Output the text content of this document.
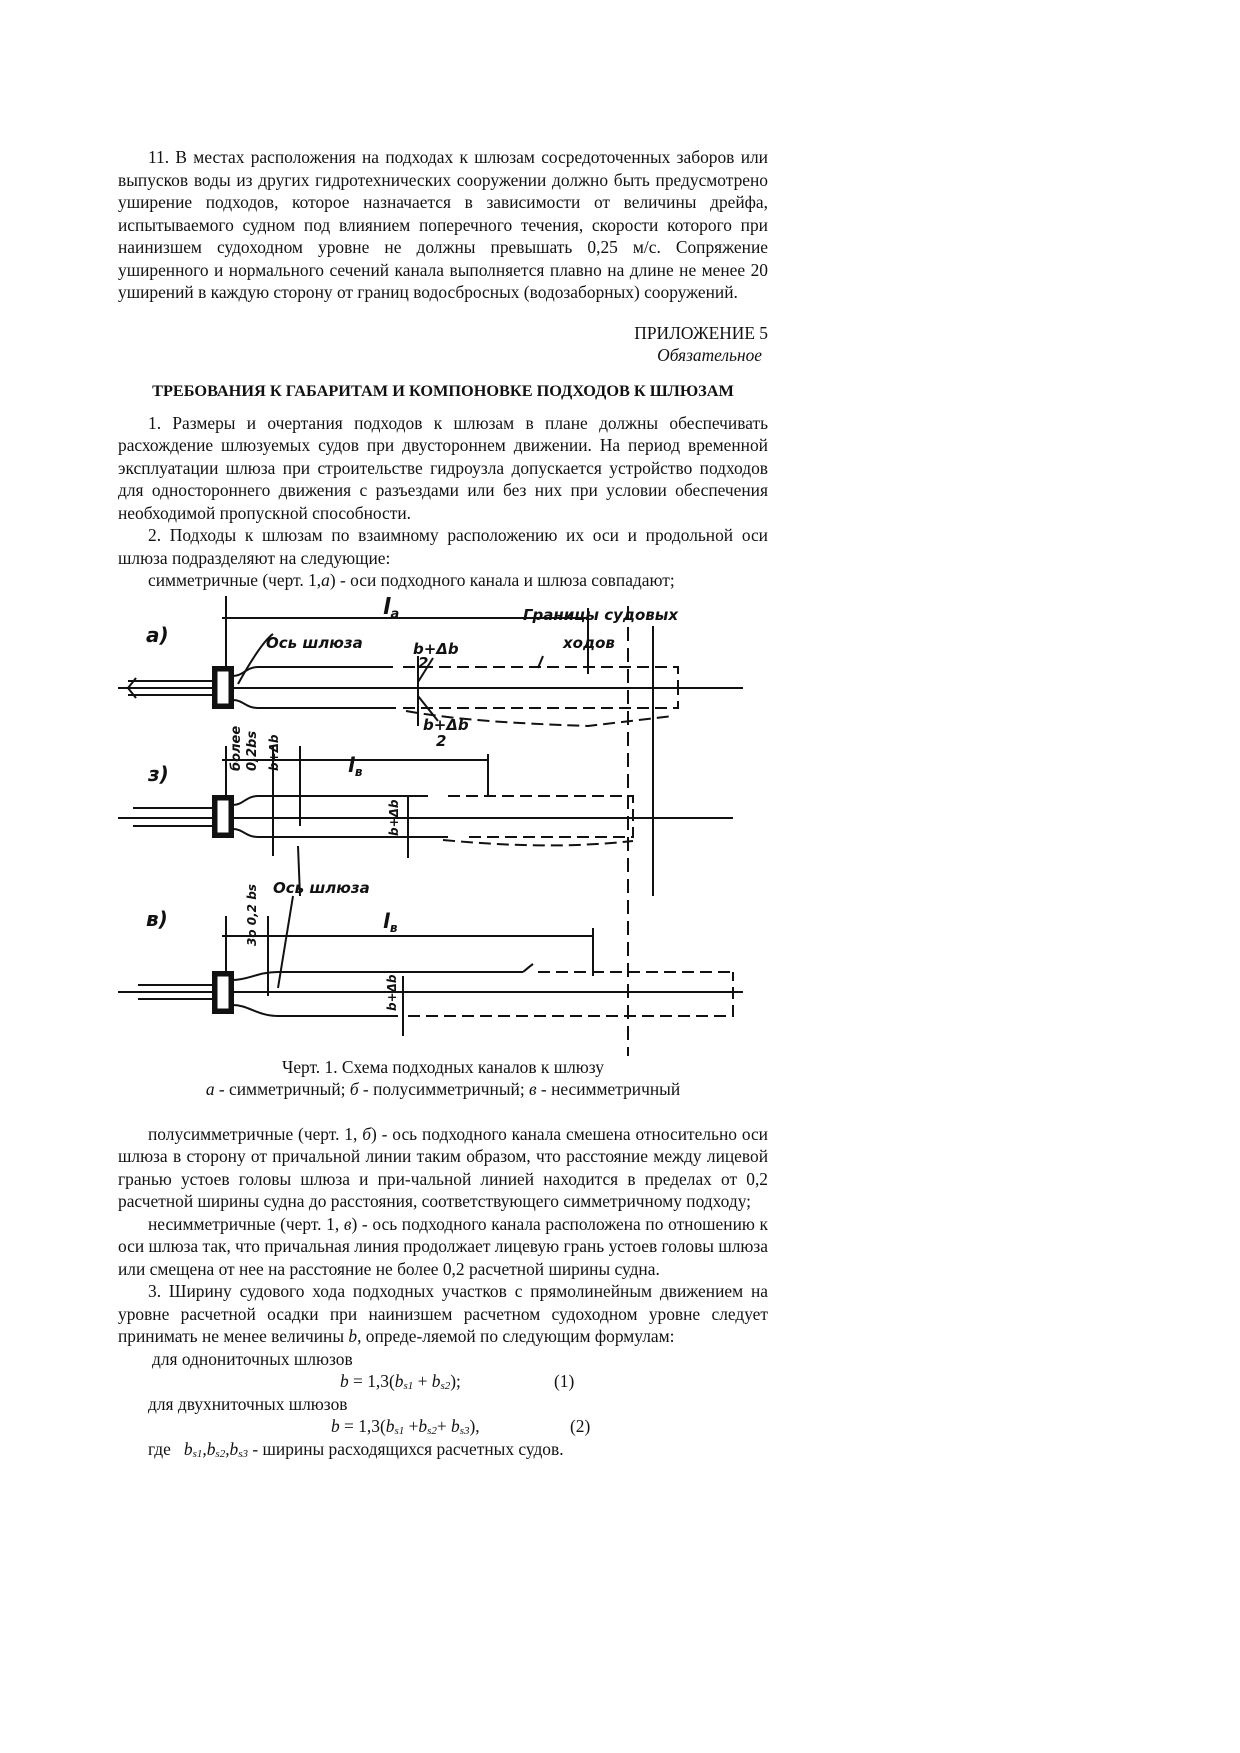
11. В местах расположения на подходах к шлюзам сосредоточенных заборов или выпусков воды из других гидротехнических сооружении должно быть предусмотрено уширение подходов, которое назначается в зависимости от величины дрейфа, испытываемого судном под влиянием поперечного течения, скорости которого при наинизшем судоходном уровне не должны превышать 0,25 м/с. Сопряжение уширенного и нормального сечений канала выполняется плавно на длине не менее 20 уширений в каждую сторону от границ водосбросных (водозаборных) сооружений.

ПРИЛОЖЕНИЕ 5
Обязательное
ТРЕБОВАНИЯ К ГАБАРИТАМ И КОМПОНОВКЕ ПОДХОДОВ К ШЛЮЗАМ

1. Размеры и очертания подходов к шлюзам в плане должны обеспечивать расхождение шлюзуемых судов при двустороннем движении. На период временной эксплуатации шлюза при строительстве гидроузла допускается устройство подходов для одностороннего движения с разъездами или без них при условии обеспечения необходимой пропускной способности.

2. Подходы к шлюзам по взаимному расположению их оси и продольной оси шлюза подразделяют на следующие:

симметричные (черт. 1,а) - оси подходного канала и шлюза совпадают;

а)
lа	Границы судовых
ходов
Ось шлюза	b+Δb
2
b+Δb
2
более 0,2bs b+Δb
з)	$l_в$
b+Δb
Ось шлюза
в)	3о 0,2 bs	$l_в$
b+Δb
Черт. 1. Схема подходных каналов к шлюзу
а - симметричный; б - полусимметричный; в - несимметричный

полусимметричные (черт. 1, б) - ось подходного канала смешена относительно оси шлюза в сторону от причальной линии таким образом, что расстояние между лицевой гранью устоев головы шлюза и при-чальной линией находится в пределах от 0,2 расчетной ширины судна до расстояния, соответствующего симметричному подходу;

несимметричные (черт. 1, в) - ось подходного канала расположена по отношению к оси шлюза так, что причальная линия продолжает лицевую грань устоев головы шлюза или смещена от нее на расстояние не более 0,2 расчетной ширины судна.

3. Ширину судового хода подходных участков с прямолинейным движением на уровне расчетной осадки при наинизшем расчетном судоходном уровне следует принимать не менее величины b, опреде-ляемой по следующим формулам:

для однониточных шлюзов
$b = 1,3(b_{s1} + b_{s2})$;	(1)
для двухниточных шлюзов
$b = 1,3(b_{s1} +b_{s2}+ b_{s3})$,	(2)
где $b_{s1},b_{s2},b_{s3}$ - ширины расходящихся расчетных судов.
